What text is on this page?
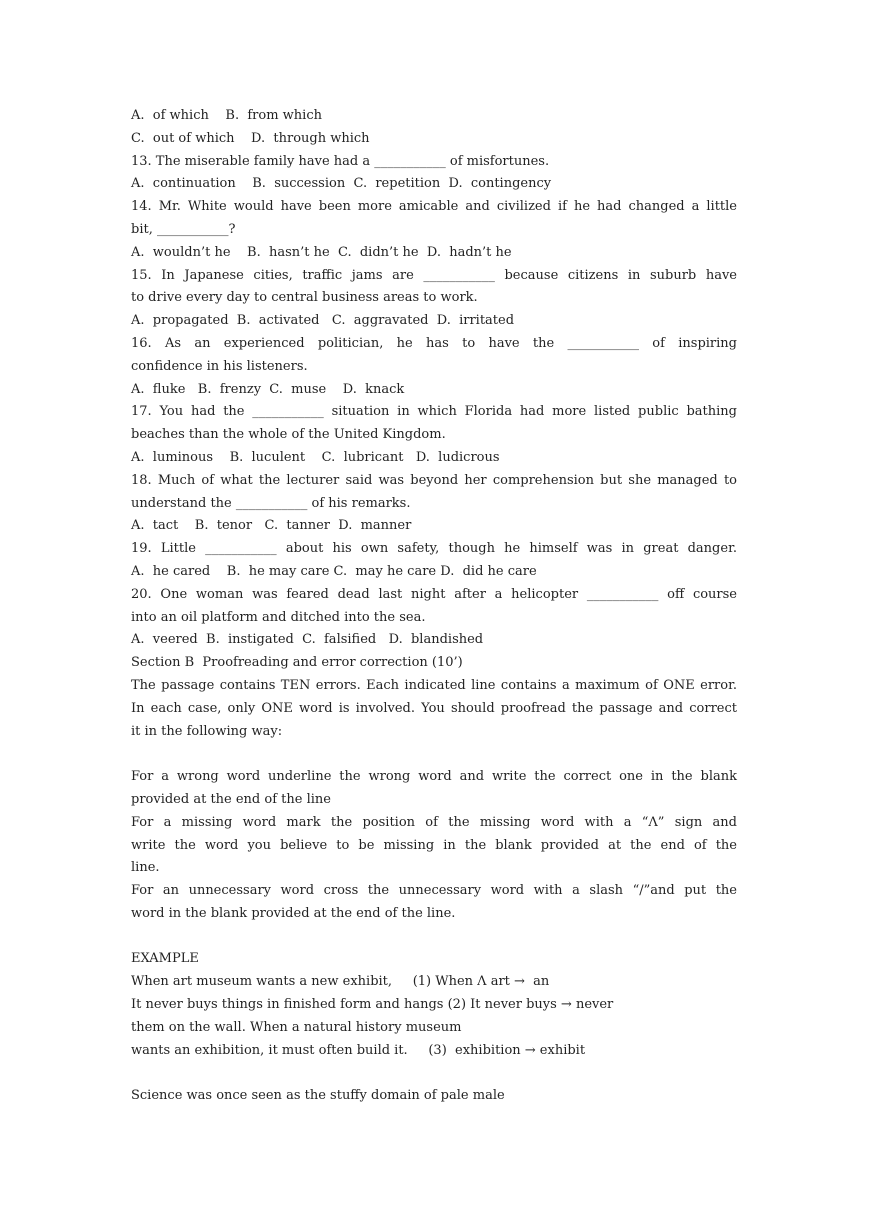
A.  of which    B.  from which
C.  out of which    D.  through which
13. The miserable family have had a ___________ of misfortunes.
A.  continuation    B.  succession  C.  repetition  D.  contingency
14. Mr. White would have been more amicable and civilized if he had changed a little
bit, ___________?
A.  wouldn’t he    B.  hasn’t he  C.  didn’t he  D.  hadn’t he
15. In Japanese cities, traffic jams are ___________ because citizens in suburb have
to drive every day to central business areas to work.
A.  propagated  B.  activated   C.  aggravated  D.  irritated
16. As an experienced politician, he has to have the ___________ of inspiring
confidence in his listeners.
A.  fluke   B.  frenzy  C.  muse    D.  knack
17. You had the ___________ situation in which Florida had more listed public bathing
beaches than the whole of the United Kingdom.
A.  luminous    B.  luculent    C.  lubricant   D.  ludicrous
18. Much of what the lecturer said was beyond her comprehension but she managed to
understand the ___________ of his remarks.
A.  tact    B.  tenor   C.  tanner  D.  manner
19. Little ___________ about his own safety, though he himself was in great danger.
A.  he cared    B.  he may care C.  may he care D.  did he care
20. One woman was feared dead last night after a helicopter ___________ off course
into an oil platform and ditched into the sea.
A.  veered  B.  instigated  C.  falsified   D.  blandished
Section B  Proofreading and error correction (10’)
The passage contains TEN errors. Each indicated line contains a maximum of ONE error.
In each case, only ONE word is involved. You should proofread the passage and correct
it in the following way:
For a wrong word underline the wrong word and write the correct one in the blank
provided at the end of the line
For a missing word mark the position of the missing word with a “Λ” sign and
write the word you believe to be missing in the blank provided at the end of the
line.
For an unnecessary word cross the unnecessary word with a slash “/”and put the
word in the blank provided at the end of the line.
EXAMPLE
When art museum wants a new exhibit,     (1) When Λ art →  an
It never buys things in finished form and hangs (2) It never buys → never
them on the wall. When a natural history museum
wants an exhibition, it must often build it.     (3)  exhibition → exhibit
Science was once seen as the stuffy domain of pale male
